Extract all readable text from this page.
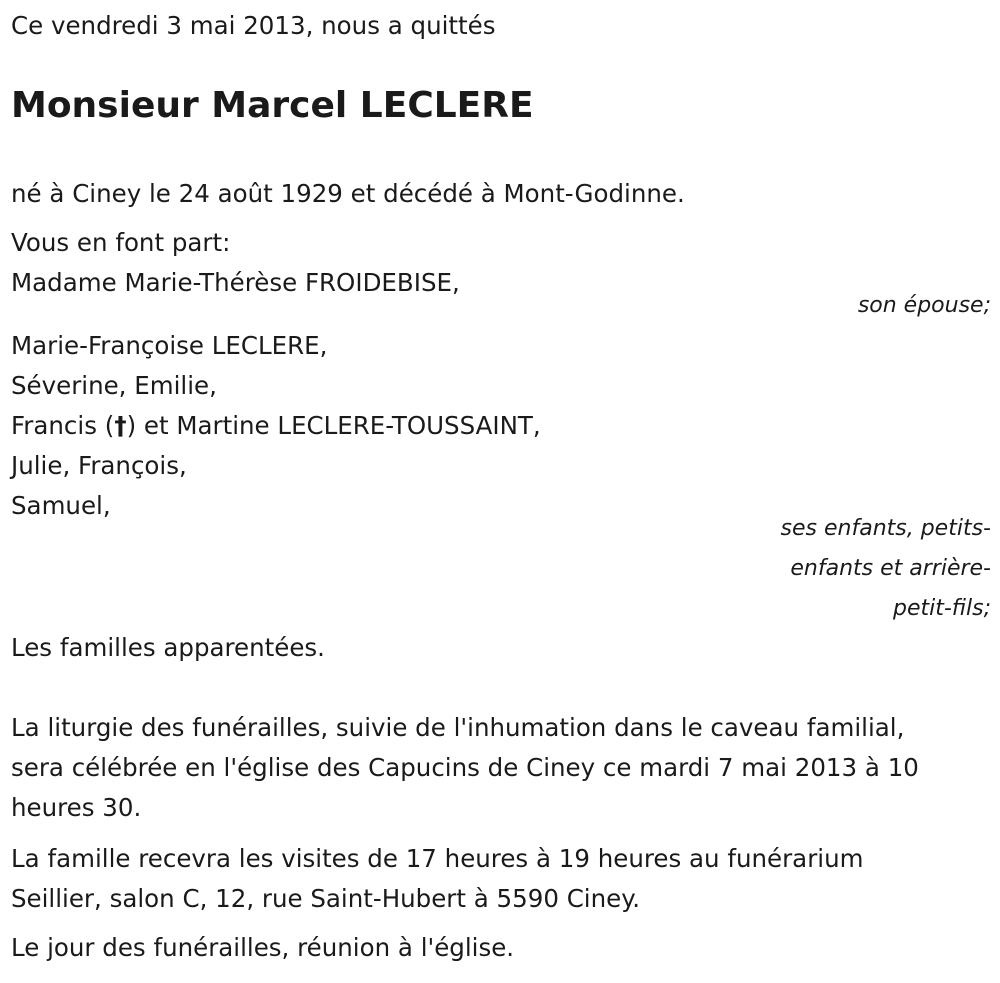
Ce vendredi 3 mai 2013, nous a quittés
Monsieur Marcel LECLERE
né à Ciney le 24 août 1929 et décédé à Mont-Godinne.
Vous en font part:
Madame Marie-Thérèse FROIDEBISE,
son épouse;
Marie-Françoise LECLERE,
Séverine, Emilie,
Francis (†) et Martine LECLERE-TOUSSAINT,
Julie, François,
Samuel,
ses enfants, petits-
enfants et arrière-
petit-fils;
Les familles apparentées.
La liturgie des funérailles, suivie de l'inhumation dans le caveau familial,
sera célébrée en l'église des Capucins de Ciney ce mardi 7 mai 2013 à 10
heures 30.
La famille recevra les visites de 17 heures à 19 heures au funérarium
Seillier, salon C, 12, rue Saint-Hubert à 5590 Ciney.
Le jour des funérailles, réunion à l'église.
